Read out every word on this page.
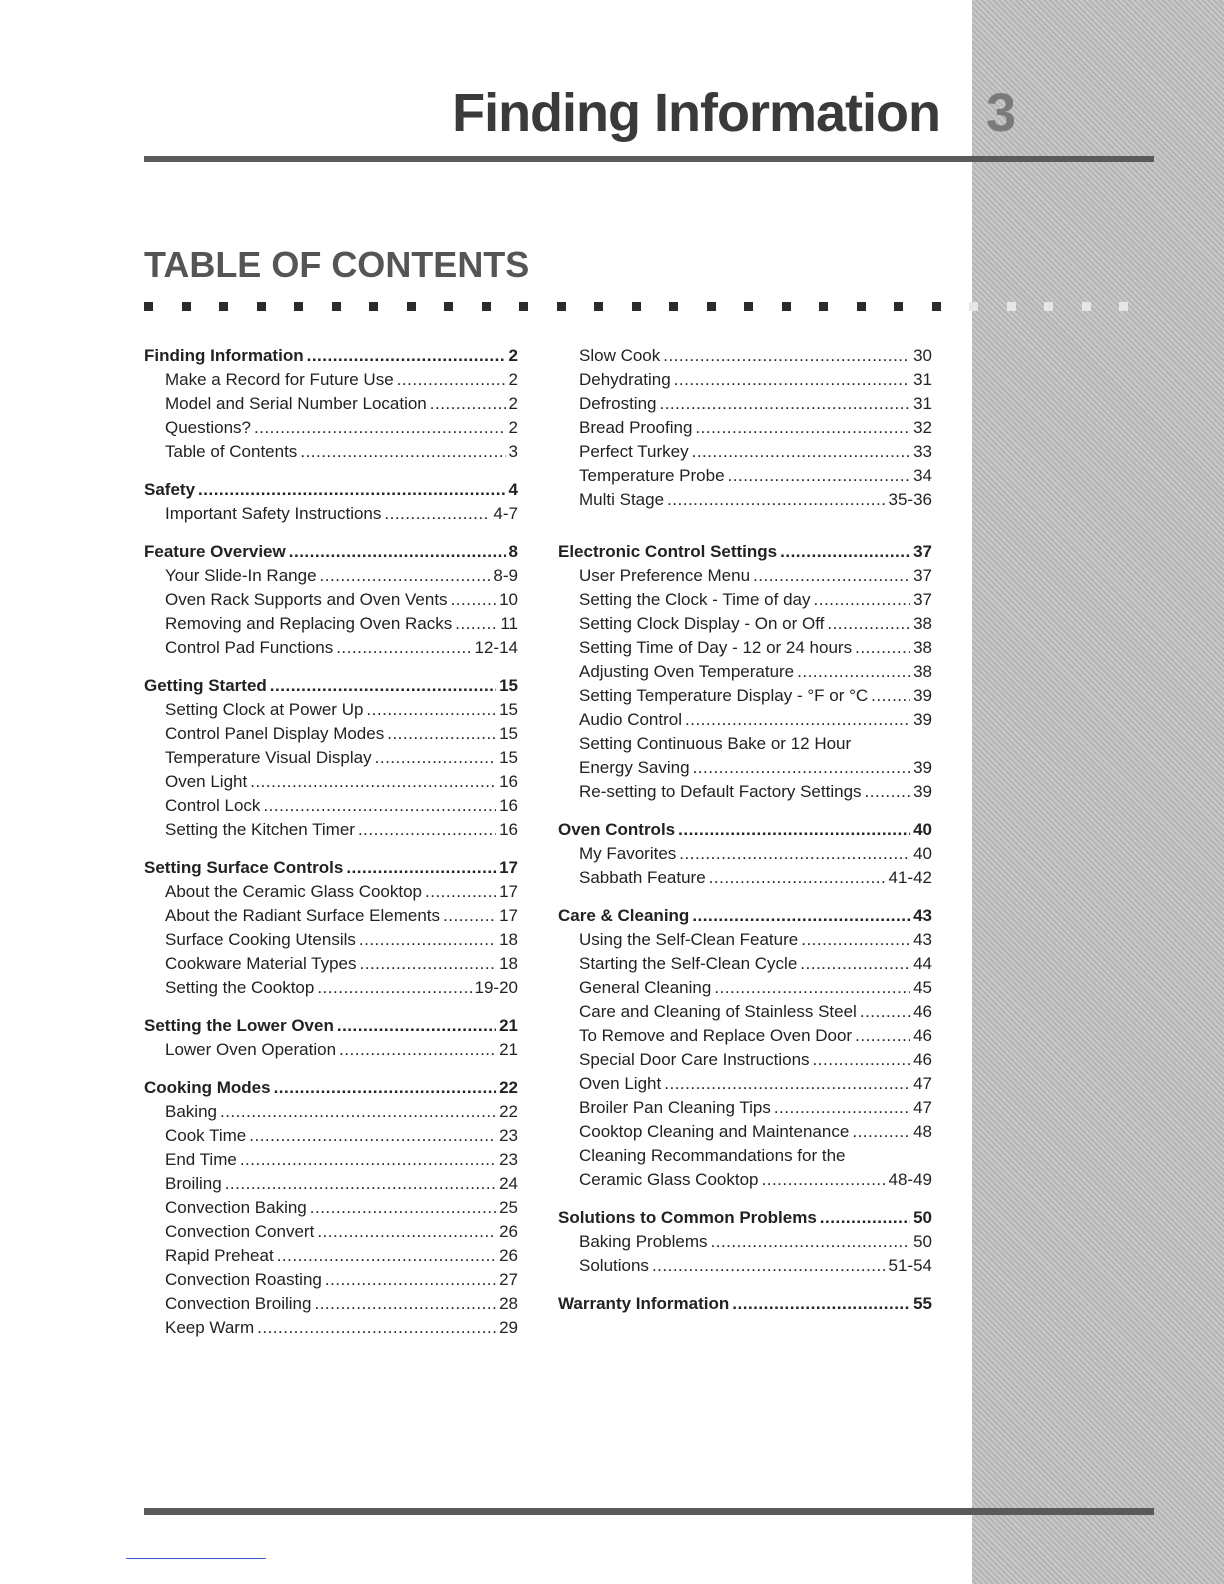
Finding Information 3
TABLE OF CONTENTS
Finding Information .....	2
Make a Record for Future Use .....	2
Model and Serial Number Location .....	2
Questions? .....	2
Table of Contents .....	3
Safety .....	4
Important Safety Instructions .....	4-7
Feature Overview .....	8
Your Slide-In Range .....	8-9
Oven Rack Supports and Oven Vents .....	10
Removing and Replacing Oven Racks .....	11
Control Pad Functions .....	12-14
Getting Started .....	15
Setting Clock at Power Up .....	15
Control Panel Display Modes .....	15
Temperature Visual Display .....	15
Oven Light .....	16
Control Lock .....	16
Setting the Kitchen Timer .....	16
Setting Surface Controls .....	17
About the Ceramic Glass Cooktop .....	17
About the Radiant Surface Elements .....	17
Surface Cooking Utensils .....	18
Cookware Material Types .....	18
Setting the Cooktop .....	19-20
Setting the Lower Oven .....	21
Lower Oven Operation .....	21
Cooking Modes .....	22
Baking .....	22
Cook Time .....	23
End Time .....	23
Broiling .....	24
Convection Baking .....	25
Convection Convert .....	26
Rapid Preheat .....	26
Convection Roasting .....	27
Convection Broiling .....	28
Keep Warm .....	29
Slow Cook .....	30
Dehydrating .....	31
Defrosting .....	31
Bread Proofing .....	32
Perfect Turkey .....	33
Temperature Probe .....	34
Multi Stage .....	35-36
Electronic Control Settings .....	37
User Preference Menu .....	37
Setting the Clock - Time of day .....	37
Setting Clock Display - On or Off .....	38
Setting Time of Day - 12 or 24 hours .....	38
Adjusting Oven Temperature .....	38
Setting Temperature Display - °F or °C .....	39
Audio Control .....	39
Setting Continuous Bake or 12 Hour
Energy Saving .....	39
Re-setting to Default Factory Settings .....	39
Oven Controls .....	40
My Favorites .....	40
Sabbath Feature .....	41-42
Care & Cleaning .....	43
Using the Self-Clean Feature .....	43
Starting the Self-Clean Cycle .....	44
General Cleaning .....	45
Care and Cleaning of Stainless Steel .....	46
To Remove and Replace Oven Door .....	46
Special Door Care Instructions .....	46
Oven Light .....	47
Broiler Pan Cleaning Tips .....	47
Cooktop Cleaning and Maintenance .....	48
Cleaning Recommandations for the
Ceramic Glass Cooktop .....	48-49
Solutions to Common Problems .....	50
Baking Problems .....	50
Solutions .....	51-54
Warranty Information .....	55
